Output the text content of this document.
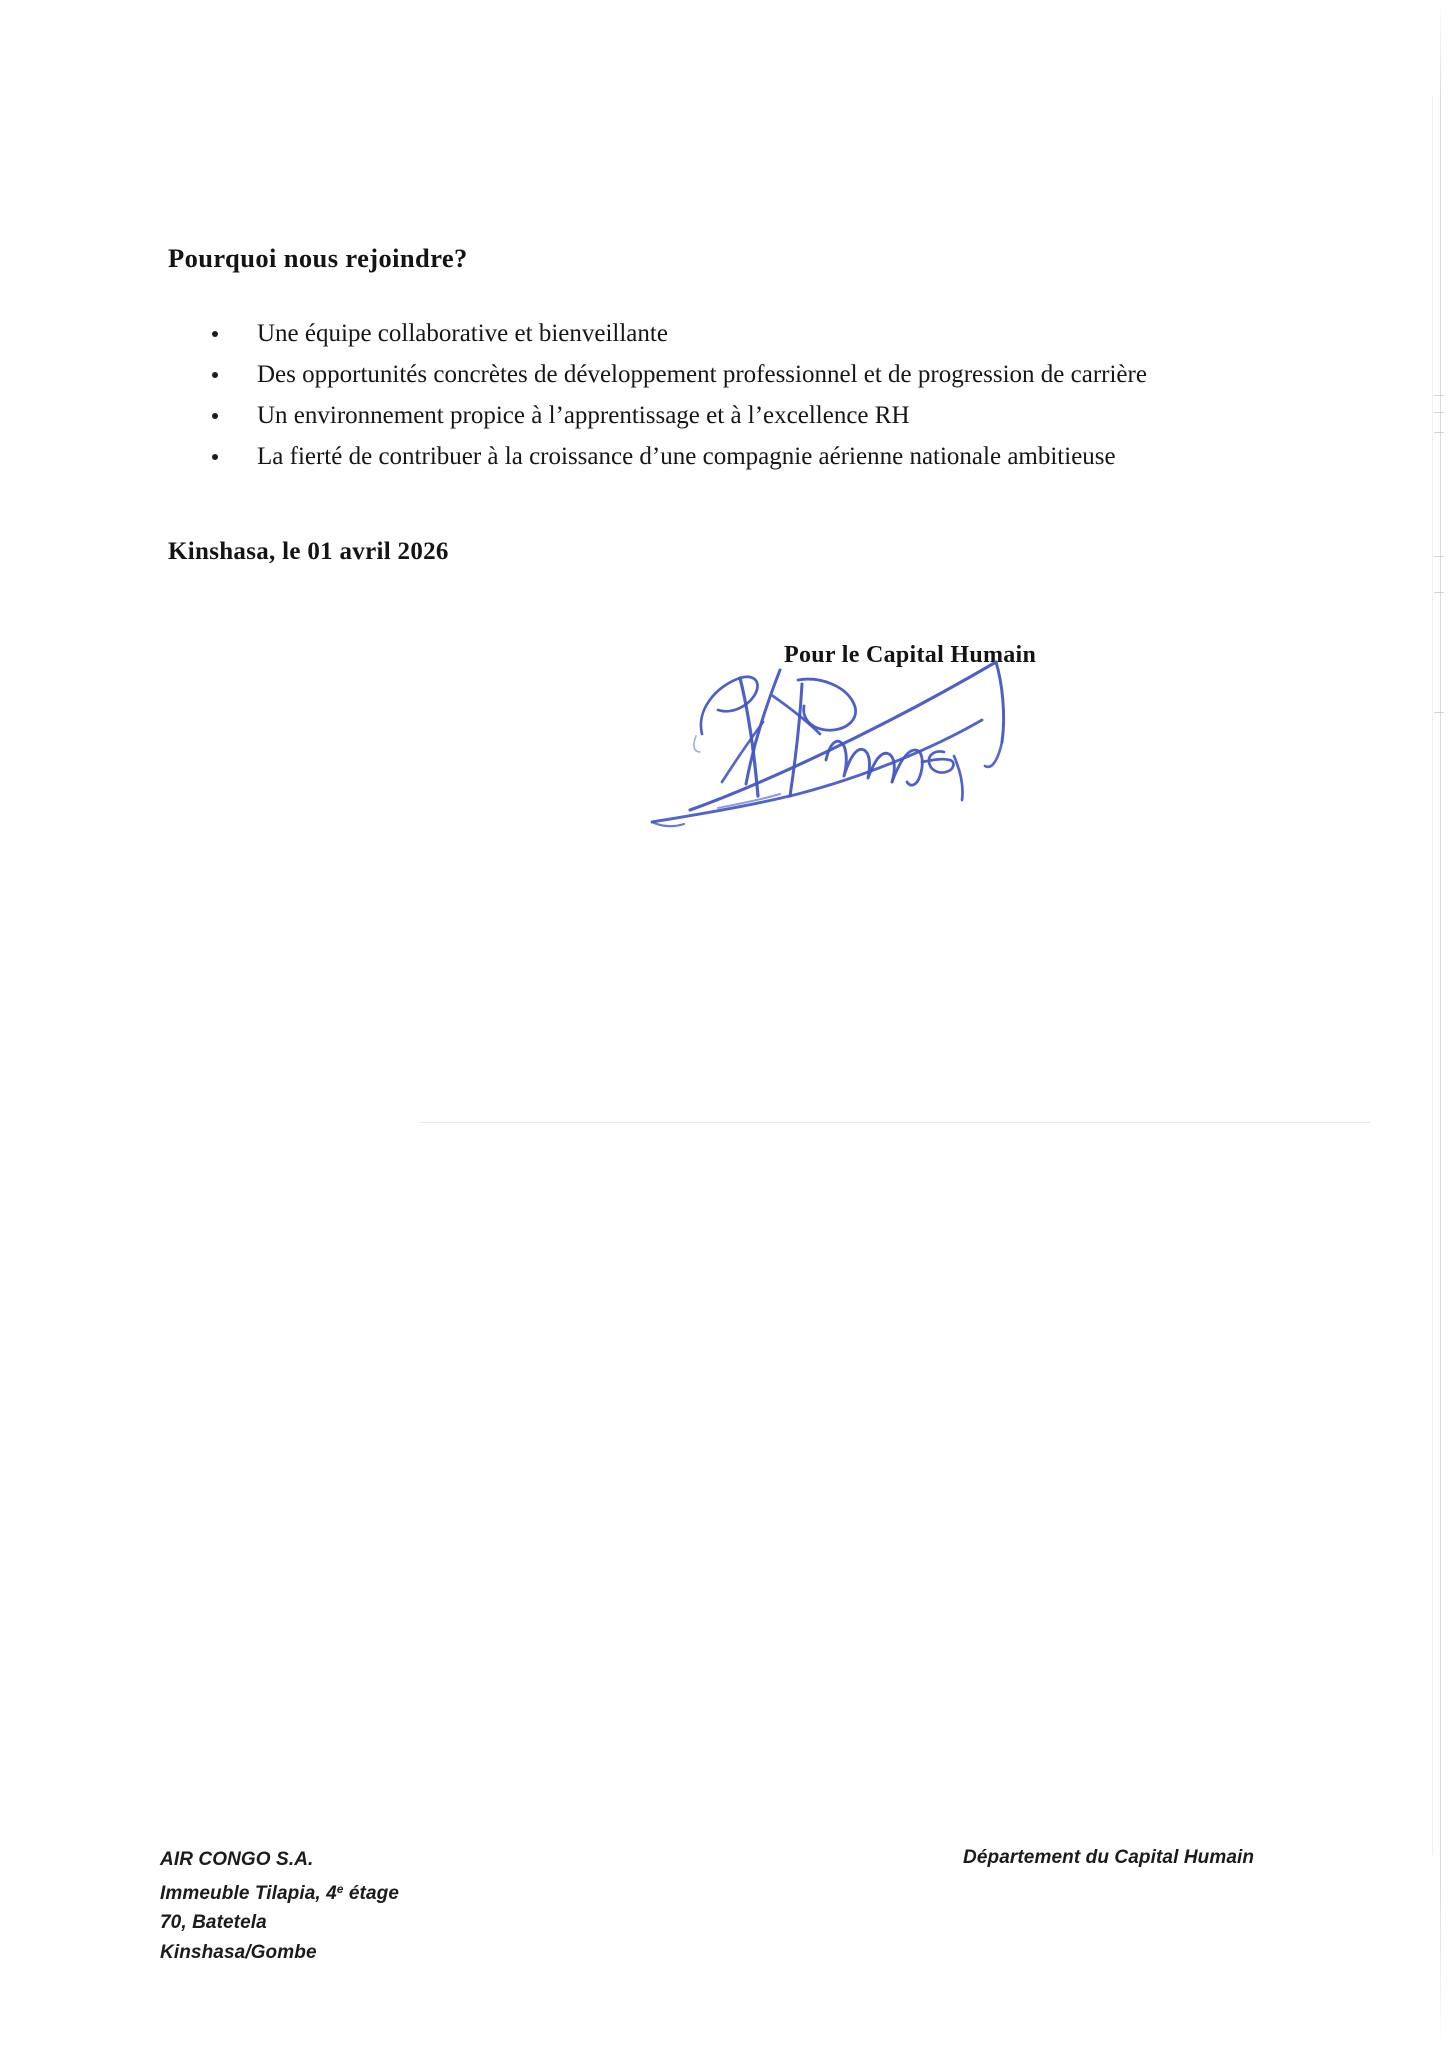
Pourquoi nous rejoindre?
Une équipe collaborative et bienveillante
Des opportunités concrètes de développement professionnel et de progression de carrière
Un environnement propice à l’apprentissage et à l’excellence RH
La fierté de contribuer à la croissance d’une compagnie aérienne nationale ambitieuse
Kinshasa, le 01 avril 2026
Pour le Capital Humain
AIR CONGO S.A.
Immeuble Tilapia, 4e étage
70, Batetela
Kinshasa/Gombe
Département du Capital Humain
